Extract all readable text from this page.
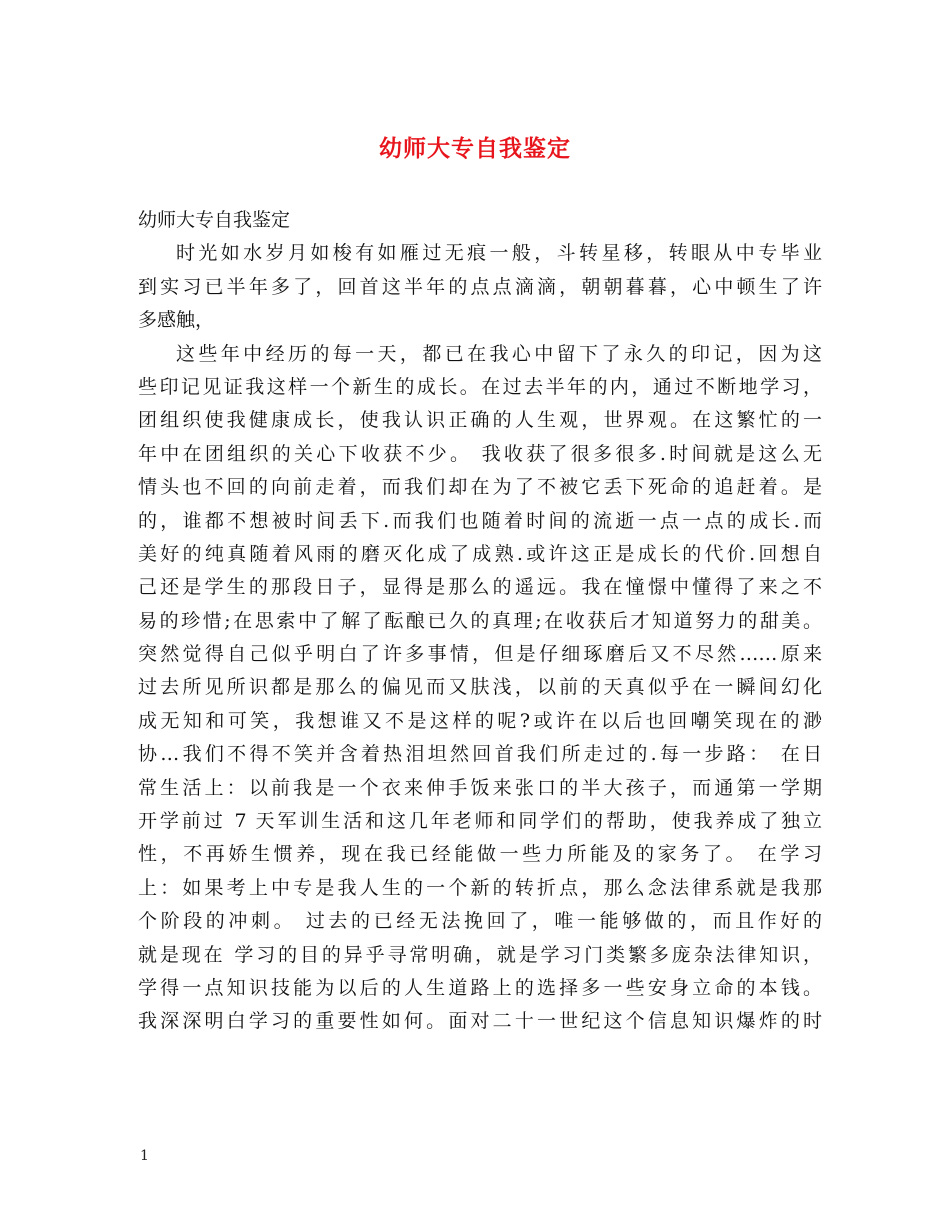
幼师大专自我鉴定
幼师大专自我鉴定
时光如水岁月如梭有如雁过无痕一般，斗转星移，转眼从中专毕业
到实习已半年多了，回首这半年的点点滴滴，朝朝暮暮，心中顿生了许
多感触，
这些年中经历的每一天，都已在我心中留下了永久的印记，因为这
些印记见证我这样一个新生的成长。在过去半年的内，通过不断地学习，
团组织使我健康成长，使我认识正确的人生观，世界观。在这繁忙的一
年中在团组织的关心下收获不少。 我收获了很多很多.时间就是这么无
情头也不回的向前走着，而我们却在为了不被它丢下死命的追赶着。是
的，谁都不想被时间丢下.而我们也随着时间的流逝一点一点的成长.而
美好的纯真随着风雨的磨灭化成了成熟.或许这正是成长的代价.回想自
己还是学生的那段日子，显得是那么的遥远。我在憧憬中懂得了来之不
易的珍惜;在思索中了解了酝酿已久的真理;在收获后才知道努力的甜美。
突然觉得自己似乎明白了许多事情，但是仔细琢磨后又不尽然……原来
过去所见所识都是那么的偏见而又肤浅，以前的天真似乎在一瞬间幻化
成无知和可笑，我想谁又不是这样的呢?或许在以后也回嘲笑现在的渺
协…我们不得不笑并含着热泪坦然回首我们所走过的.每一步路： 在日
常生活上：以前我是一个衣来伸手饭来张口的半大孩子，而通第一学期
开学前过 7 天军训生活和这几年老师和同学们的帮助，使我养成了独立
性，不再娇生惯养，现在我已经能做一些力所能及的家务了。 在学习
上：如果考上中专是我人生的一个新的转折点，那么念法律系就是我那
个阶段的冲刺。 过去的已经无法挽回了，唯一能够做的，而且作好的
就是现在 学习的目的异乎寻常明确，就是学习门类繁多庞杂法律知识，
学得一点知识技能为以后的人生道路上的选择多一些安身立命的本钱。
我深深明白学习的重要性如何。面对二十一世纪这个信息知识爆炸的时
1
